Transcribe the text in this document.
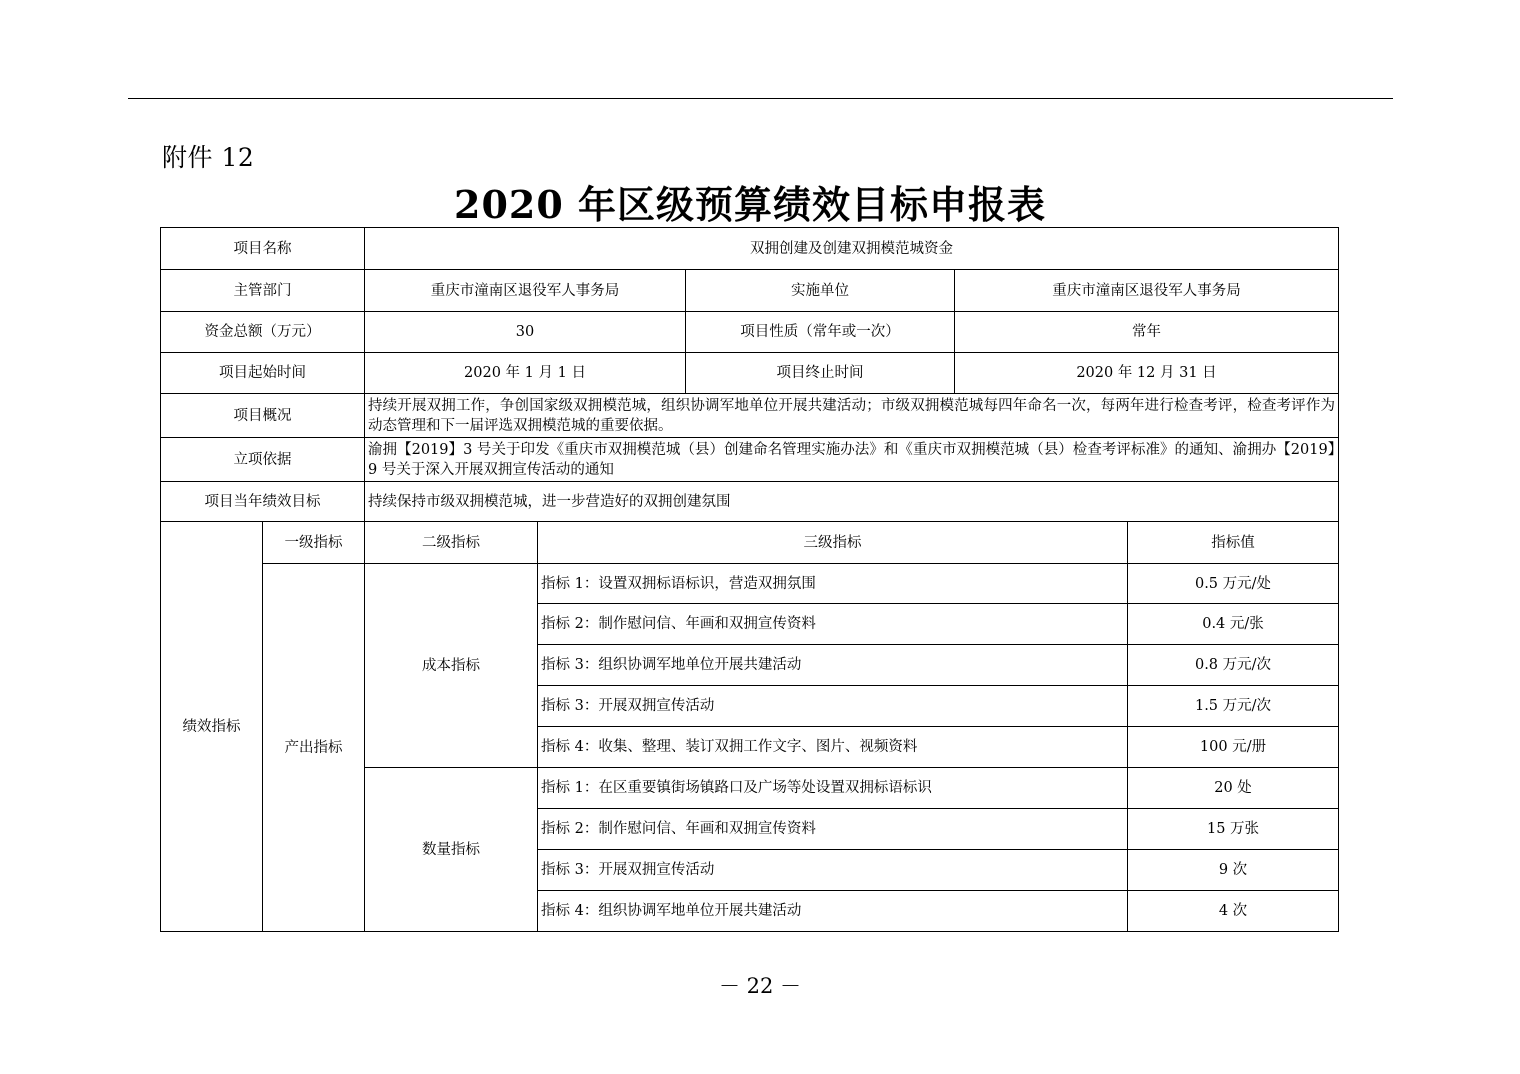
附件 12
2020 年区级预算绩效目标申报表
项目名称		双拥创建及创建双拥模范城资金				
主管部门		重庆市潼南区退役军人事务局		实施单位	重庆市潼南区退役军人事务局	
资金总额（万元）		30		项目性质（常年或一次）	常年	
项目起始时间		2020 年 1 月 1 日		项目终止时间	2020 年 12 月 31 日	
项目概况		持续开展双拥工作，争创国家级双拥模范城，组织协调军地单位开展共建活动；市级双拥模范城每四年命名一次，每两年进行检查考评，检查考评作为动态管理和下一届评选双拥模范城的重要依据。				
立项依据		渝拥【2019】3 号关于印发《重庆市双拥模范城（县）创建命名管理实施办法》和《重庆市双拥模范城（县）检查考评标准》的通知、渝拥办【2019】9 号关于深入开展双拥宣传活动的通知				
项目当年绩效目标		持续保持市级双拥模范城，进一步营造好的双拥创建氛围				
绩效指标	一级指标	二级指标	三级指标			指标值
	产出指标	成本指标	指标 1：设置双拥标语标识，营造双拥氛围			0.5 万元/处
			指标 2：制作慰问信、年画和双拥宣传资料			0.4 元/张
			指标 3：组织协调军地单位开展共建活动			0.8 万元/次
			指标 3：开展双拥宣传活动			1.5 万元/次
			指标 4：收集、整理、装订双拥工作文字、图片、视频资料			100 元/册
		数量指标	指标 1：在区重要镇街场镇路口及广场等处设置双拥标语标识			20 处
			指标 2：制作慰问信、年画和双拥宣传资料			15 万张
			指标 3：开展双拥宣传活动			9 次
			指标 4：组织协调军地单位开展共建活动			4 次
－ 22 －
